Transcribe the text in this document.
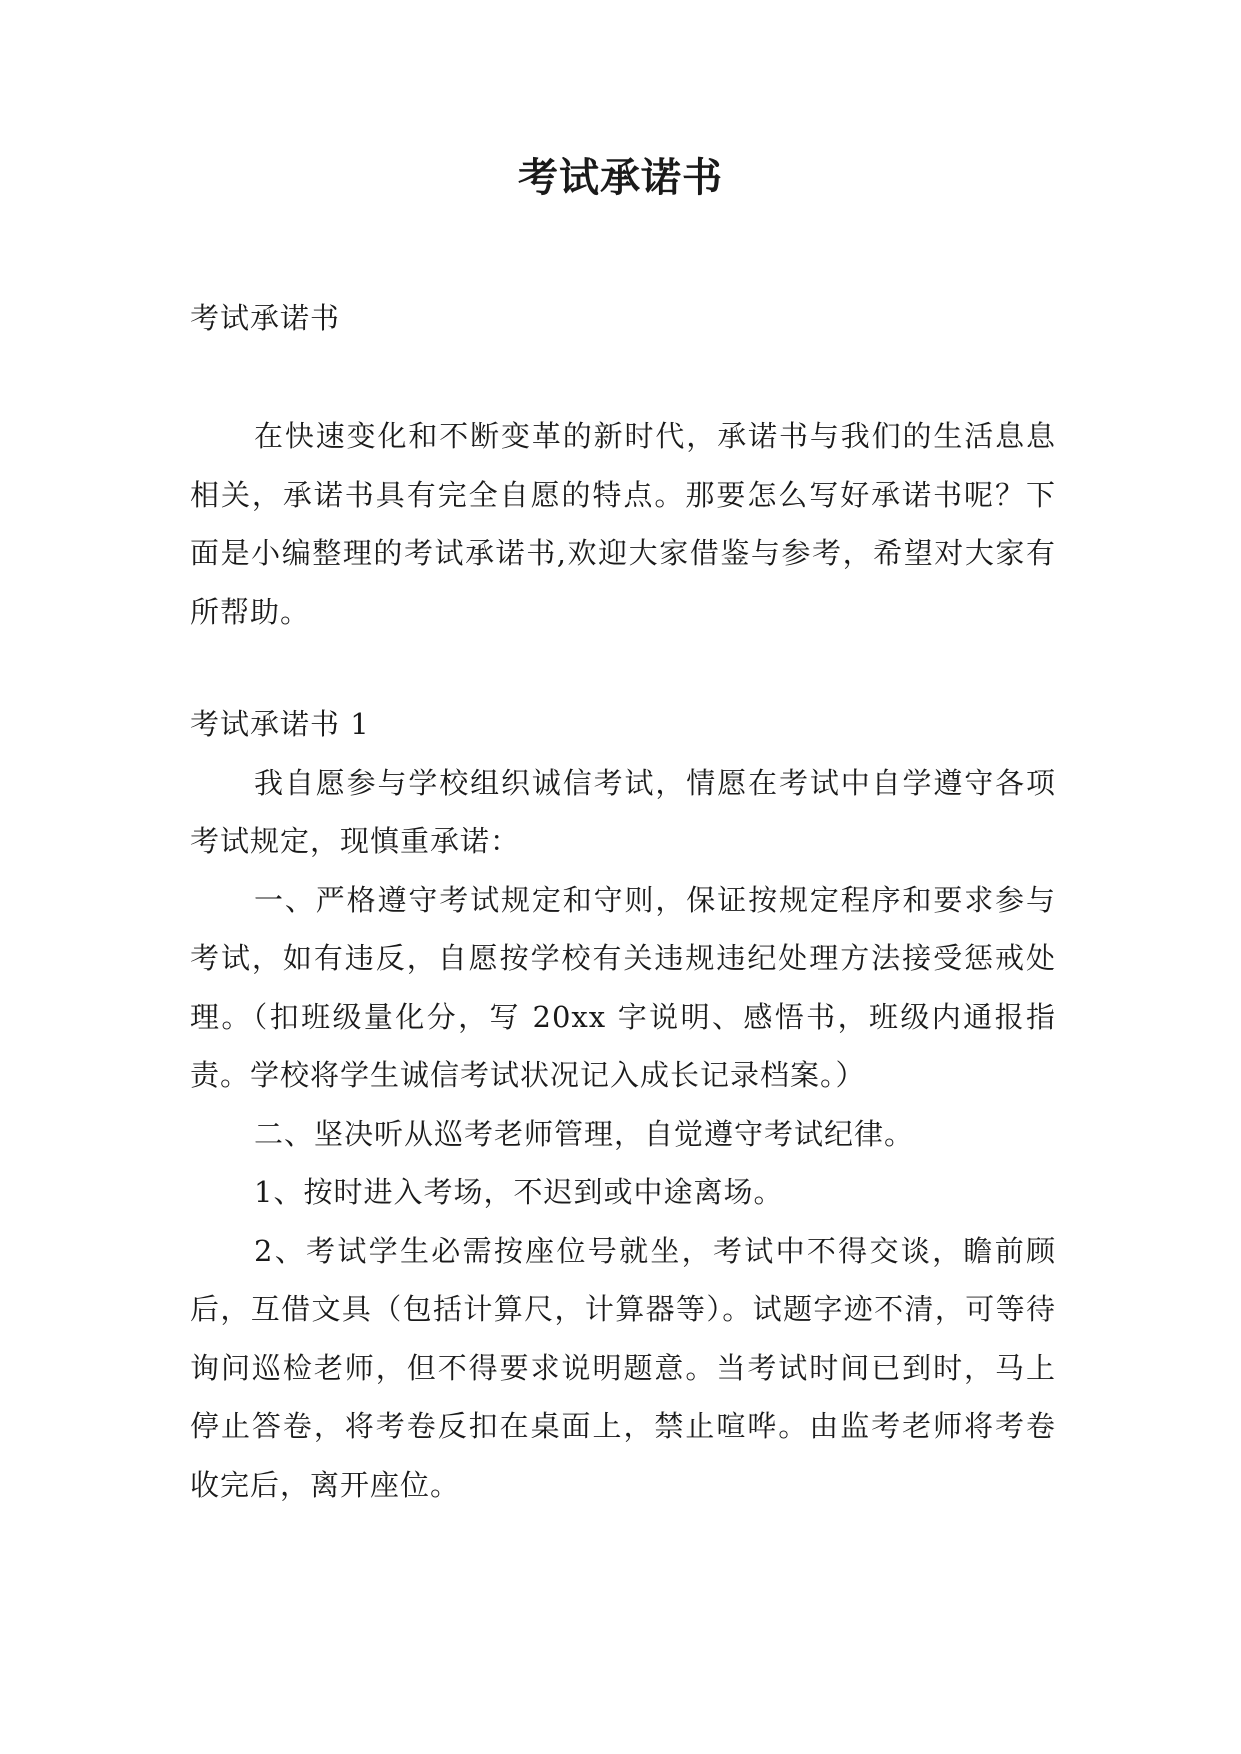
考试承诺书

考试承诺书

在快速变化和不断变革的新时代，承诺书与我们的生活息息相关，承诺书具有完全自愿的特点。那要怎么写好承诺书呢？下面是小编整理的考试承诺书,欢迎大家借鉴与参考，希望对大家有所帮助。

考试承诺书 1

我自愿参与学校组织诚信考试，情愿在考试中自学遵守各项考试规定，现慎重承诺：

一、严格遵守考试规定和守则，保证按规定程序和要求参与考试，如有违反，自愿按学校有关违规违纪处理方法接受惩戒处理。（扣班级量化分，写 20xx 字说明、感悟书，班级内通报指责。学校将学生诚信考试状况记入成长记录档案。）

二、坚决听从巡考老师管理，自觉遵守考试纪律。

1、按时进入考场，不迟到或中途离场。

2、考试学生必需按座位号就坐，考试中不得交谈，瞻前顾后，互借文具（包括计算尺，计算器等）。试题字迹不清，可等待询问巡检老师，但不得要求说明题意。当考试时间已到时，马上停止答卷，将考卷反扣在桌面上，禁止喧哗。由监考老师将考卷收完后，离开座位。
